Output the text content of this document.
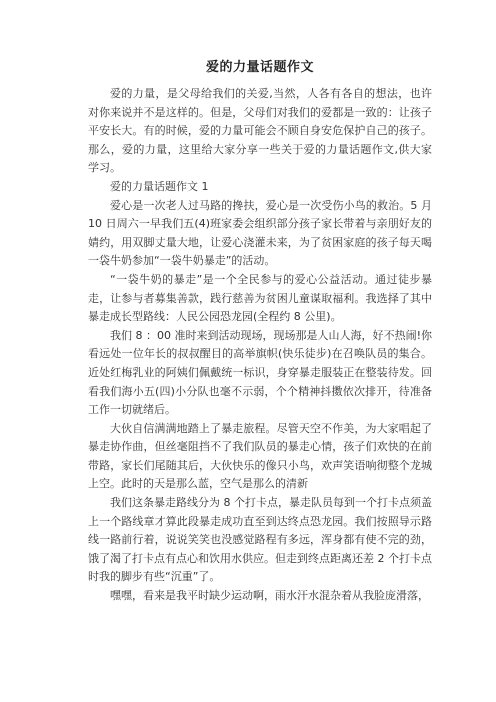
爱的力量话题作文

爱的力量，是父母给我们的关爱,当然，人各有各自的想法，也许对你来说并不是这样的。但是，父母们对我们的爱都是一致的：让孩子平安长大。有的时候，爱的力量可能会不顾自身安危保护自己的孩子。那么，爱的力量，这里给大家分享一些关于爱的力量话题作文,供大家学习。

爱的力量话题作文 1

爱心是一次老人过马路的搀扶，爱心是一次受伤小鸟的救治。5 月 10 日周六一早我们五(4)班家委会组织部分孩子家长带着与亲朋好友的婧约，用双脚丈量大地，让爱心浇灌未来，为了贫困家庭的孩子每天喝一袋牛奶参加“一袋牛奶暴走”的活动。

“一袋牛奶的暴走”是一个全民参与的爱心公益活动。通过徒步暴走，让参与者募集善款，践行慈善为贫困儿童谋取福利。我选择了其中暴走成长型路线：人民公园恐龙园(全程约 8 公里)。

我们 8 ：00 准时来到活动现场，现场那是人山人海，好不热闹!你看远处一位年长的叔叔醒目的高举旗帜(快乐徒步)在召唤队员的集合。近处红梅乳业的阿姨们佩戴统一标识，身穿暴走服装正在整装待发。回看我们海小五(四)小分队也毫不示弱，个个精神抖擞依次排开，待准备工作一切就绪后。

大伙自信满满地踏上了暴走旅程。尽管天空不作美，为大家唱起了暴走协作曲，但丝毫阻挡不了我们队员的暴走心情，孩子们欢快的在前带路，家长们尾随其后，大伙快乐的像只小鸟，欢声笑语响彻整个龙城上空。此时的天是那么蓝，空气是那么的清新

我们这条暴走路线分为 8 个打卡点，暴走队员每到一个打卡点须盖上一个路线章才算此段暴走成功直至到达终点恐龙园。我们按照导示路线一路前行着，说说笑笑也没感觉路程有多远，浑身都有使不完的劲，饿了渴了打卡点有点心和饮用水供应。但走到终点距离还差 2 个打卡点时我的脚步有些“沉重”了。

嘿嘿，看来是我平时缺少运动啊，雨水汗水混杂着从我脸庞滑落，
